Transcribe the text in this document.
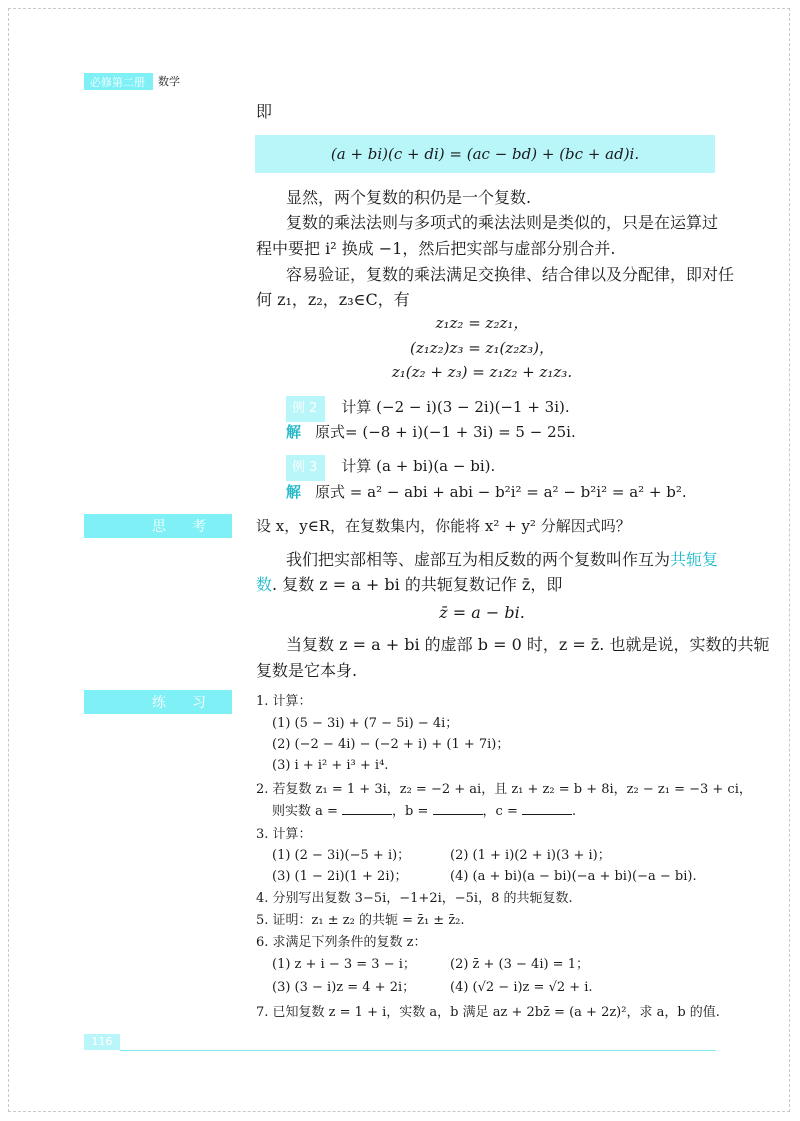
必修第二册	数学
即
(a + bi)(c + di) = (ac − bd) + (bc + ad)i.
显然，两个复数的积仍是一个复数.
复数的乘法法则与多项式的乘法法则是类似的，只是在运算过
程中要把 i² 换成 −1，然后把实部与虚部分别合并.
容易验证，复数的乘法满足交换律、结合律以及分配律，即对任
何 z₁，z₂，z₃∈C，有
z₁z₂ = z₂z₁，
(z₁z₂)z₃ = z₁(z₂z₃)，
z₁(z₂ + z₃) = z₁z₂ + z₁z₃.
例 2 计算 (−2 − i)(3 − 2i)(−1 + 3i).
解 原式= (−8 + i)(−1 + 3i) = 5 − 25i.
例 3 计算 (a + bi)(a − bi).
解 原式 = a² − abi + abi − b²i² = a² − b²i² = a² + b².
思考 设 x，y∈R，在复数集内，你能将 x² + y² 分解因式吗？
我们把实部相等、虚部互为相反数的两个复数叫作互为共轭复
数. 复数 z = a + bi 的共轭复数记作 z̄，即
z̄ = a − bi.
当复数 z = a + bi 的虚部 b = 0 时，z = z̄. 也就是说，实数的共轭
复数是它本身.
练习 1. 计算：
(1) (5 − 3i) + (7 − 5i) − 4i；
(2) (−2 − 4i) − (−2 + i) + (1 + 7i)；
(3) i + i² + i³ + i⁴.
2. 若复数 z₁ = 1 + 3i，z₂ = −2 + ai，且 z₁ + z₂ = b + 8i，z₂ − z₁ = −3 + ci，
则实数 a =	，b =	，c =	.
3. 计算：
(1) (2 − 3i)(−5 + i)；	(2) (1 + i)(2 + i)(3 + i)；
(3) (1 − 2i)(1 + 2i)；	(4) (a + bi)(a − bi)(−a + bi)(−a − bi).
4. 分别写出复数 3−5i，−1+2i，−5i，8 的共轭复数.
5. 证明：z₁ ± z₂ 的共轭 = z̄₁ ± z̄₂.
6. 求满足下列条件的复数 z：
(1) z + i − 3 = 3 − i；	(2) z̄ + (3 − 4i) = 1；
(3) (3 − i)z = 4 + 2i；	(4) (√2 − i)z = √2 + i.
7. 已知复数 z = 1 + i，实数 a，b 满足 az + 2bz̄ = (a + 2z)²，求 a，b 的值.
116
